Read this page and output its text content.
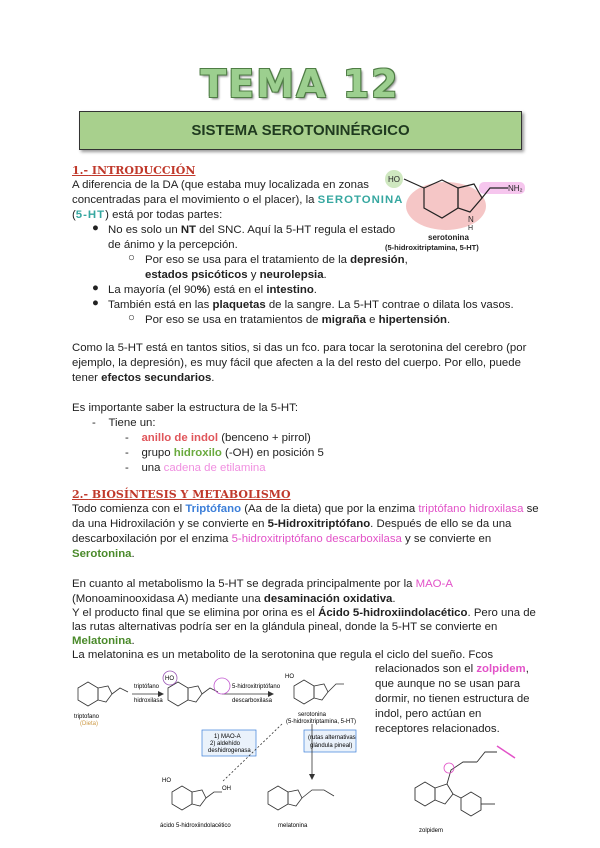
TEMA 12
SISTEMA SEROTONINÉRGICO
1.- INTRODUCCIÓN
A diferencia de la DA (que estaba muy localizada en zonas
concentradas para el movimiento o el placer), la SEROTONINA
(5-HT) está por todas partes:
● No es solo un NT del SNC. Aquí la 5-HT regula el estado
de ánimo y la percepción.
○ Por eso se usa para el tratamiento de la depresión,
estados psicóticos y neurolepsia.
● La mayoría (el 90%) está en el intestino.
● También está en las plaquetas de la sangre. La 5-HT contrae o dilata los vasos.
○ Por eso se usa en tratamientos de migraña e hipertensión.
Como la 5-HT está en tantos sitios, si das un fco. para tocar la serotonina del cerebro (por
ejemplo, la depresión), es muy fácil que afecten a la del resto del cuerpo. Por ello, puede
tener efectos secundarios.
Es importante saber la estructura de la 5-HT:
-    Tiene un:
-    anillo de indol (benceno + pirrol)
-    grupo hidroxilo (-OH) en posición 5
-    una cadena de etilamina
HO
NH₂
N
H
serotonina
(5-hidroxitriptamina, 5-HT)
2.- BIOSÍNTESIS Y METABOLISMO
Todo comienza con el Triptófano (Aa de la dieta) que por la enzima triptófano hidroxilasa se
da una Hidroxilación y se convierte en 5-Hidroxitriptófano. Después de ello se da una
descarboxilación por el enzima 5-hidroxitriptófano descarboxilasa y se convierte en
Serotonina.
En cuanto al metabolismo la 5-HT se degrada principalmente por la MAO-A
(Monoaminooxidasa A) mediante una desaminación oxidativa.
Y el producto final que se elimina por orina es el Ácido 5-hidroxiindolacético. Pero una de
las rutas alternativas podría ser en la glándula pineal, donde la 5-HT se convierte en
Melatonina.
La melatonina es un metabolito de la serotonina que regula el ciclo del sueño. Fcos
relacionados son el zolpidem,
que aunque no se usan para
dormir, no tienen estructura de
indol, pero actúan en
receptores relacionados.
triptofano
(Dieta)
triptófano
hidroxilasa
HO
5-hidroxitriptófano
descarboxilasa
HO
serotonina
(5-hidroxitriptamina, 5-HT)
1) MAO-A
2) aldehído
deshidrogenasa
(rutas alternativas
glándula pineal)
HO
OH
ácido 5-hidroxiindolacético	melatonina
zolpidem
